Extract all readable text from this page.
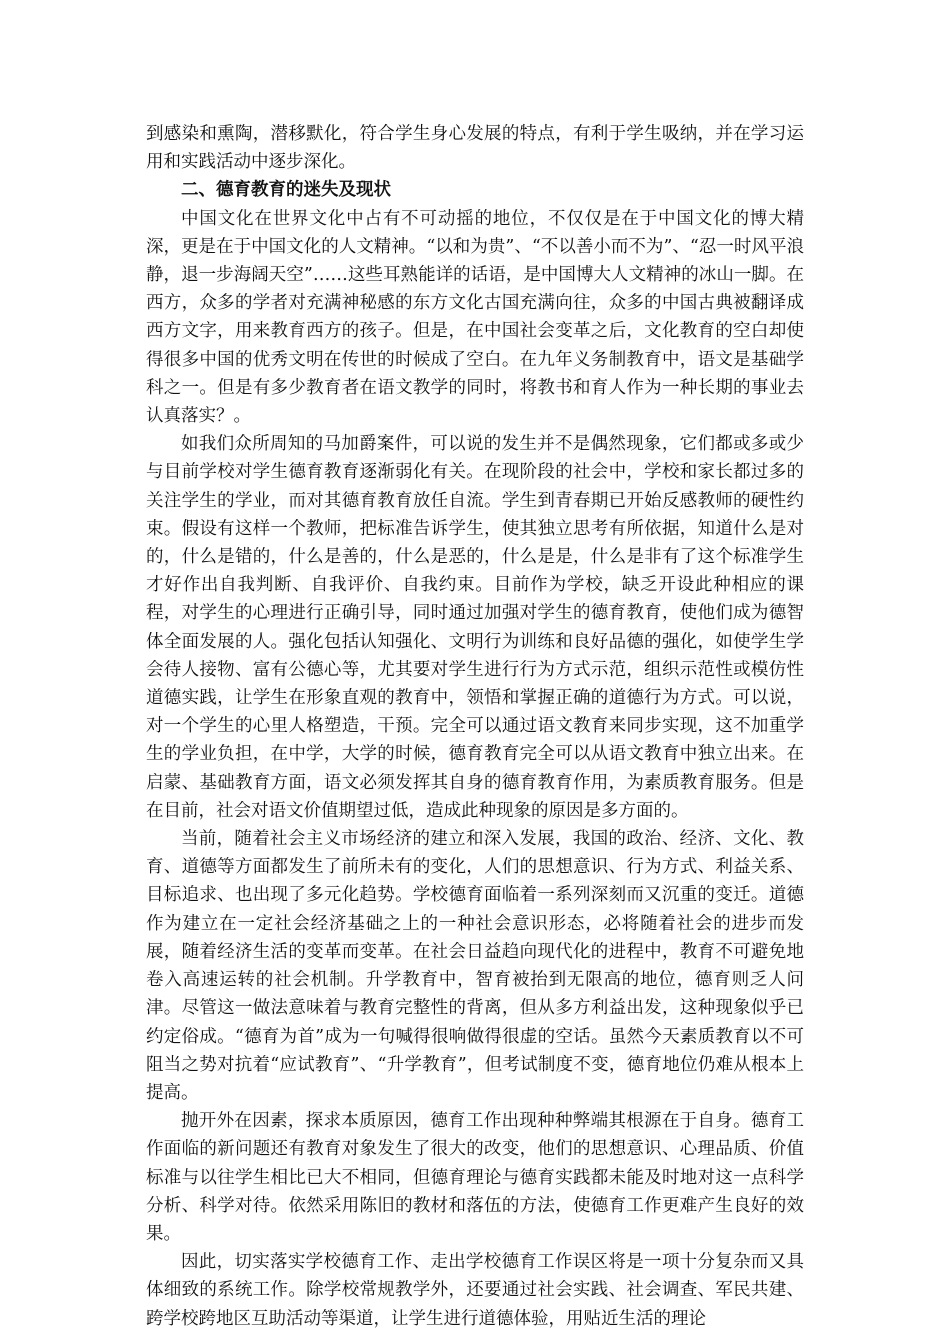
到感染和熏陶，潜移默化，符合学生身心发展的特点，有利于学生吸纳，并在学习运用和实践活动中逐步深化。

二、德育教育的迷失及现状

中国文化在世界文化中占有不可动摇的地位，不仅仅是在于中国文化的博大精深，更是在于中国文化的人文精神。“以和为贵”、“不以善小而不为”、“忍一时风平浪静，退一步海阔天空”……这些耳熟能详的话语，是中国博大人文精神的冰山一脚。在西方，众多的学者对充满神秘感的东方文化古国充满向往，众多的中国古典被翻译成西方文字，用来教育西方的孩子。但是，在中国社会变革之后，文化教育的空白却使得很多中国的优秀文明在传世的时候成了空白。在九年义务制教育中，语文是基础学科之一。但是有多少教育者在语文教学的同时，将教书和育人作为一种长期的事业去认真落实？。

如我们众所周知的马加爵案件，可以说的发生并不是偶然现象，它们都或多或少与目前学校对学生德育教育逐渐弱化有关。在现阶段的社会中，学校和家长都过多的关注学生的学业，而对其德育教育放任自流。学生到青春期已开始反感教师的硬性约束。假设有这样一个教师，把标准告诉学生，使其独立思考有所依据，知道什么是对的，什么是错的，什么是善的，什么是恶的，什么是是，什么是非有了这个标准学生才好作出自我判断、自我评价、自我约束。目前作为学校，缺乏开设此种相应的课程，对学生的心理进行正确引导，同时通过加强对学生的德育教育，使他们成为德智体全面发展的人。强化包括认知强化、文明行为训练和良好品德的强化，如使学生学会待人接物、富有公德心等，尤其要对学生进行行为方式示范，组织示范性或模仿性道德实践，让学生在形象直观的教育中，领悟和掌握正确的道德行为方式。可以说，对一个学生的心里人格塑造，干预。完全可以通过语文教育来同步实现，这不加重学生的学业负担，在中学，大学的时候，德育教育完全可以从语文教育中独立出来。在启蒙、基础教育方面，语文必须发挥其自身的德育教育作用，为素质教育服务。但是在目前，社会对语文价值期望过低，造成此种现象的原因是多方面的。

当前，随着社会主义市场经济的建立和深入发展，我国的政治、经济、文化、教育、道德等方面都发生了前所未有的变化，人们的思想意识、行为方式、利益关系、目标追求、也出现了多元化趋势。学校德育面临着一系列深刻而又沉重的变迁。道德作为建立在一定社会经济基础之上的一种社会意识形态，必将随着社会的进步而发展，随着经济生活的变革而变革。在社会日益趋向现代化的进程中，教育不可避免地卷入高速运转的社会机制。升学教育中，智育被抬到无限高的地位，德育则乏人问津。尽管这一做法意味着与教育完整性的背离，但从多方利益出发，这种现象似乎已约定俗成。“德育为首”成为一句喊得很响做得很虚的空话。虽然今天素质教育以不可阻当之势对抗着“应试教育”、“升学教育”，但考试制度不变，德育地位仍难从根本上提高。

抛开外在因素，探求本质原因，德育工作出现种种弊端其根源在于自身。德育工作面临的新问题还有教育对象发生了很大的改变，他们的思想意识、心理品质、价值标准与以往学生相比已大不相同，但德育理论与德育实践都未能及时地对这一点科学分析、科学对待。依然采用陈旧的教材和落伍的方法，使德育工作更难产生良好的效果。

因此，切实落实学校德育工作、走出学校德育工作误区将是一项十分复杂而又具体细致的系统工作。除学校常规教学外，还要通过社会实践、社会调查、军民共建、跨学校跨地区互助活动等渠道，让学生进行道德体验，用贴近生活的理论
